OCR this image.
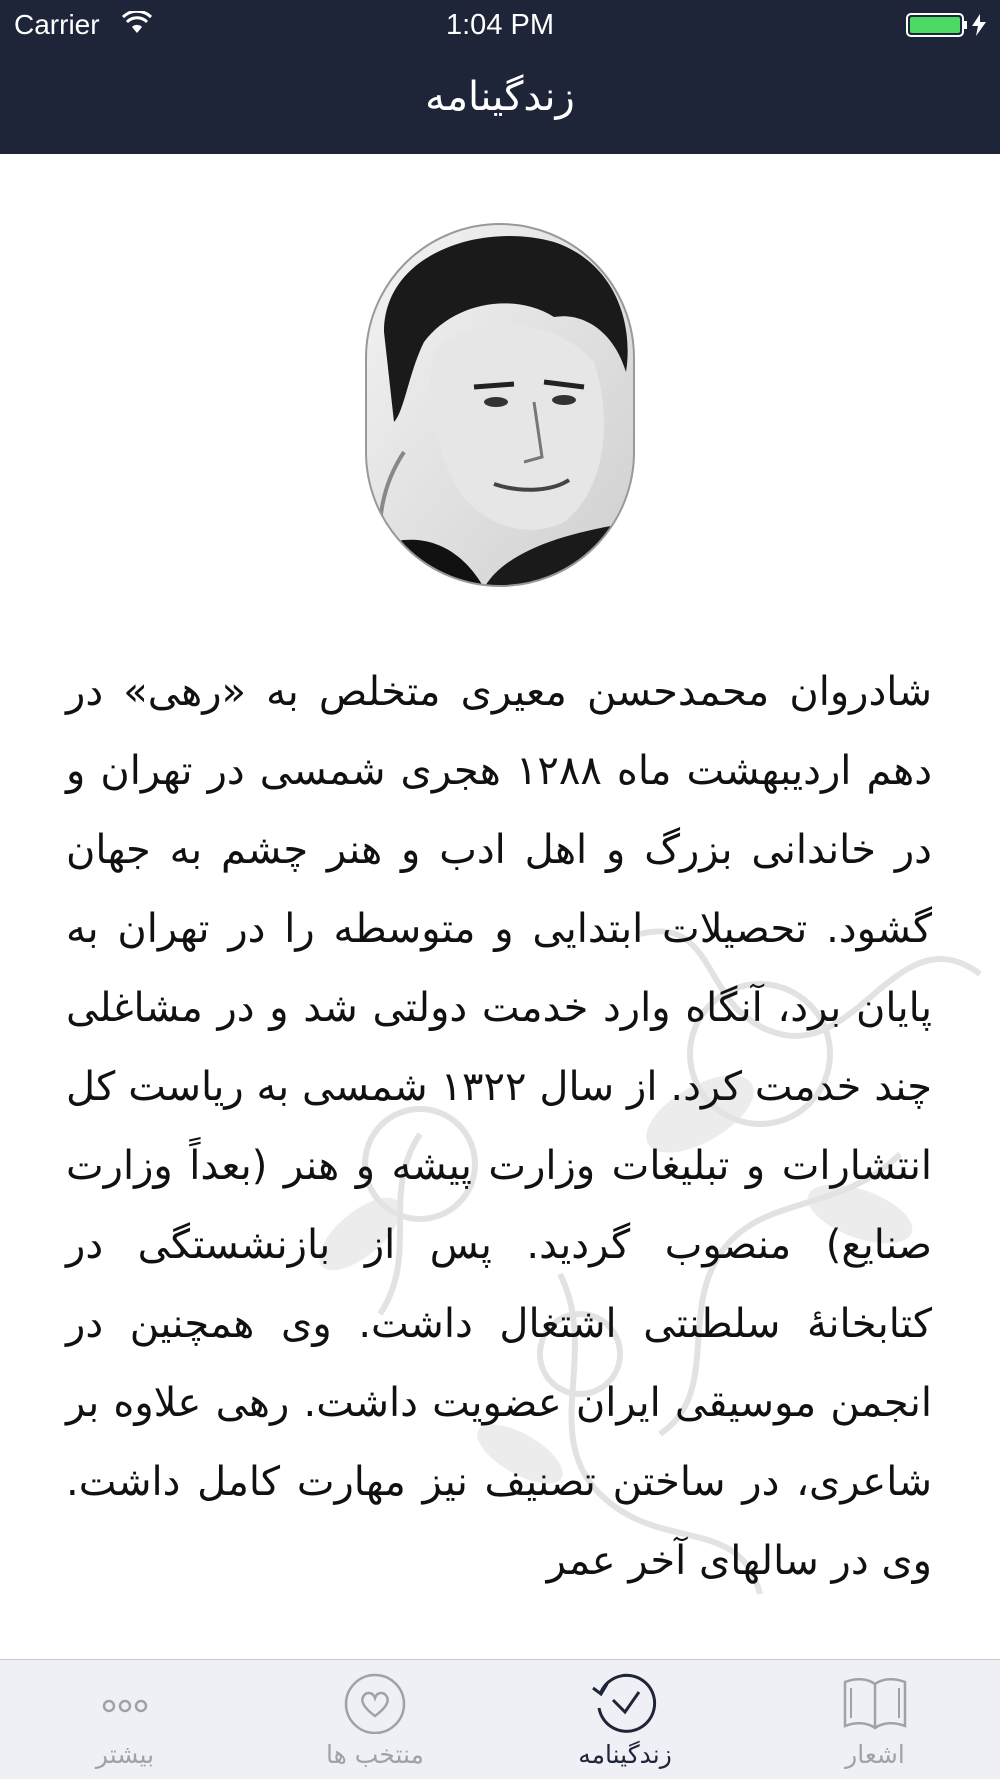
Carrier	1:04 PM
زندگینامه

شادروان محمدحسن معیری متخلص به «رهی» در دهم اردیبهشت ماه ۱۲۸۸ هجری شمسی در تهران و در خاندانی بزرگ و اهل ادب و هنر چشم به جهان گشود. تحصیلات ابتدایی و متوسطه را در تهران به پایان برد، آنگاه وارد خدمت دولتی شد و در مشاغلی چند خدمت کرد. از سال ۱۳۲۲ شمسی به ریاست کل انتشارات و تبلیغات وزارت پیشه و هنر (بعداً وزارت صنایع) منصوب گردید. پس از بازنشستگی در کتابخانهٔ سلطنتی اشتغال داشت. وی همچنین در انجمن موسیقی ایران عضویت داشت. رهی علاوه بر شاعری، در ساختن تصنیف نیز مهارت کامل داشت. وی در سالهای آخر عمر

بیشتر	منتخب ها	زندگینامه	اشعار
